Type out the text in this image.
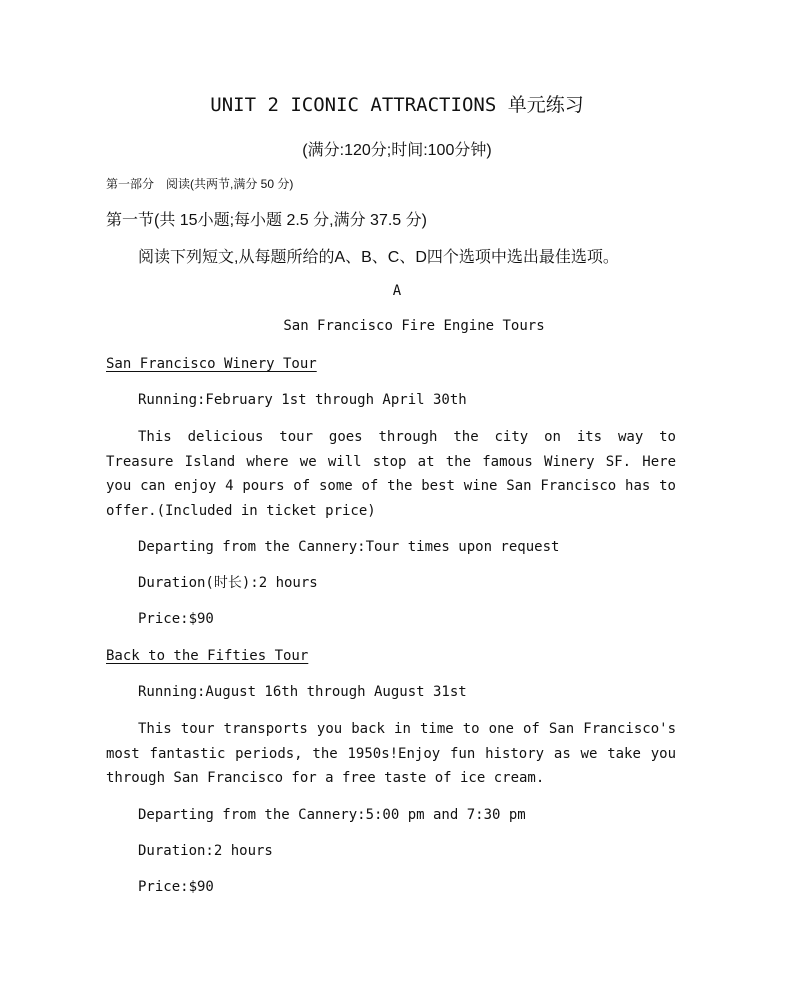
UNIT 2 ICONIC ATTRACTIONS 单元练习
(满分:120分;时间:100分钟)
第一部分　阅读(共两节,满分 50 分)
第一节(共 15小题;每小题 2.5 分,满分 37.5 分)
阅读下列短文,从每题所给的A、B、C、D四个选项中选出最佳选项。
A
San Francisco Fire Engine Tours
San Francisco Winery Tour
Running:February 1st through April 30th

This delicious tour goes through the city on its way to Treasure Island where we will stop at the famous Winery SF. Here you can enjoy 4 pours of some of the best wine San Francisco has to offer.(Included in ticket price)

Departing from the Cannery:Tour times upon request
Duration(时长):2 hours
Price:$90
Back to the Fifties Tour
Running:August 16th through August 31st

This tour transports you back in time to one of San Francisco's most fantastic periods, the 1950s!Enjoy fun history as we take you through San Francisco for a free taste of ice cream.

Departing from the Cannery:5:00 pm and 7:30 pm
Duration:2 hours
Price:$90
